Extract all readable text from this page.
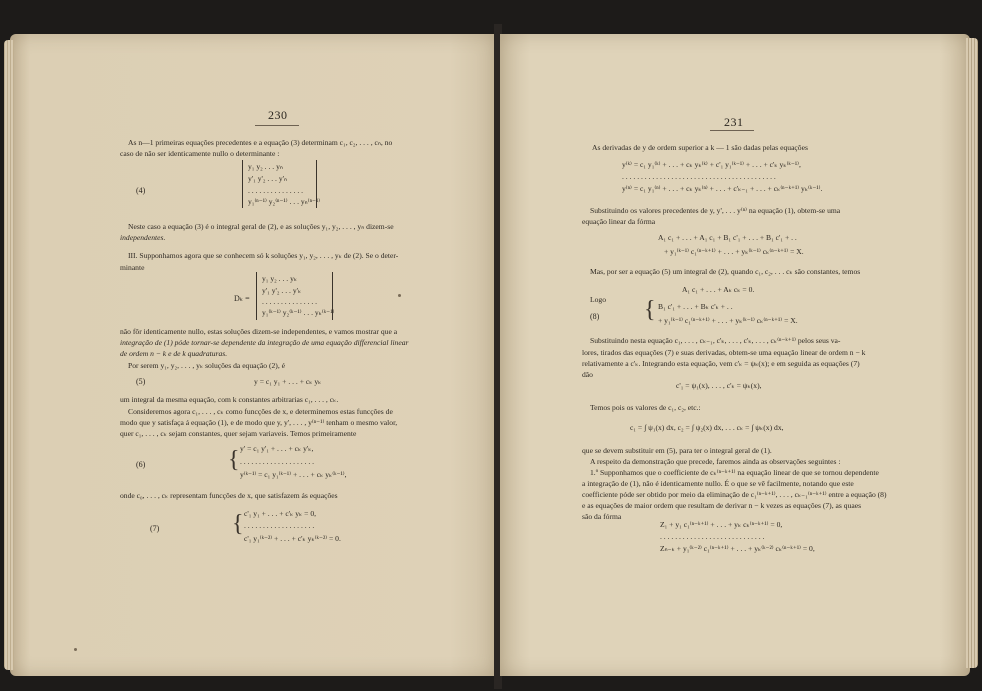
230
As n—1 primeiras equações precedentes e a equação (3) determinam c₁, c₂, . . . , cₙ, no
caso de não ser identicamente nullo o determinante :
(4)
y₁ y₂ . . . yₙ
y'₁ y'₂ . . . y'ₙ
. . . . . . . . . . . . . . .
y₁⁽ⁿ⁻¹⁾ y₂⁽ⁿ⁻¹⁾ . . . yₙ⁽ⁿ⁻¹⁾
Neste caso a equação (3) é o integral geral de (2), e as soluções y₁, y₂, . . . , yₙ dizem-se
independentes.
III. Supponhamos agora que se conhecem só k soluções y₁, y₂, . . . , yₖ de (2). Se o deter-
minante
Dₖ =
y₁ y₂ . . . yₖ
y'₁ y'₂ . . . y'ₖ
. . . . . . . . . . . . . . .
y₁⁽ᵏ⁻¹⁾ y₂⁽ᵏ⁻¹⁾ . . . yₖ⁽ᵏ⁻¹⁾
não fôr identicamente nullo, estas soluções dizem-se independentes, e vamos mostrar que a
integração de (1) póde tornar-se dependente da integração de uma equação differencial linear
de ordem n − k e de k quadraturas.
Por serem y₁, y₂, . . . , yₖ soluções da equação (2), é
(5)	y = c₁ y₁ + . . . + cₖ yₖ
um integral da mesma equação, com k constantes arbitrarias c₁, . . . , cₖ.
Consideremos agora c₁, . . . , cₖ como funcções de x, e determinemos estas funcções de
modo que y satisfaça á equação (1), e de modo que y, y', . . . , y⁽ⁿ⁻¹⁾ tenham o mesmo valor,
quer c₁, . . . , cₖ sejam constantes, quer sejam variaveis. Temos primeiramente
(6)	{ y' = c₁ y'₁ + . . . + cₖ y'ₖ,
. . . . . . . . . . . . . . . . . . . .
y⁽ᵏ⁻¹⁾ = c₁ y₁⁽ᵏ⁻¹⁾ + . . . + cₖ yₖ⁽ᵏ⁻¹⁾,
onde c₀, . . . , cₖ representam funcções de x, que satisfazem ás equações
(7)	{ c'₁ y₁ + . . . + c'ₖ yₖ = 0,
. . . . . . . . . . . . . . . . . . .
c'₁ y₁⁽ᵏ⁻²⁾ + . . . + c'ₖ yₖ⁽ᵏ⁻²⁾ = 0.
231
As derivadas de y de ordem superior a k — 1 são dadas pelas equações
y⁽ᵏ⁾ = c₁ y₁⁽ᵏ⁾ + . . . + cₖ yₖ⁽ᵏ⁾ + c'₁ y₁⁽ᵏ⁻¹⁾ + . . . + c'ₖ yₖ⁽ᵏ⁻¹⁾,
. . . . . . . . . . . . . . . . . . . . . . . . . . . . . . . . . . . . . . . . .
y⁽ⁿ⁾ = c₁ y₁⁽ⁿ⁾ + . . . + cₖ yₖ⁽ⁿ⁾ + . . . + c'ₖ₋₁ + . . . + cₖ⁽ⁿ⁻ᵏ⁺¹⁾ yₖ⁽ᵏ⁻¹⁾.
Substituindo os valores precedentes de y, y', . . . y⁽ⁿ⁾ na equação (1), obtem-se uma
equação linear da fórma
A₁ c₁ + . . . + A₁ c₁ + B₁ c'₁ + . . . + B₁ c'₁ + . .
+ y₁⁽ᵏ⁻¹⁾ c₁⁽ⁿ⁻ᵏ⁺¹⁾ + . . . + yₖ⁽ᵏ⁻¹⁾ cₖ⁽ⁿ⁻ᵏ⁺¹⁾ = X.
Mas, por ser a equação (5) um integral de (2), quando c₁, c₂, . . . cₖ são constantes, temos
A₁ c₁ + . . . + Aₖ cₖ = 0.
Logo
(8) { B₁ c'₁ + . . . + Bₖ c'ₖ + . .
+ y₁⁽ᵏ⁻¹⁾ c₁⁽ⁿ⁻ᵏ⁺¹⁾ + . . . + yₖ⁽ᵏ⁻¹⁾ cₖ⁽ⁿ⁻ᵏ⁺¹⁾ = X.
Substituindo nesta equação c₁, . . . , cₖ₋₁, c'ₖ, . . . , c'ₖ, . . . , cₖ⁽ⁿ⁻ᵏ⁺¹⁾ pelos seus va-
lores, tirados das equações (7) e suas derivadas, obtem-se uma equação linear de ordem n − k
relativamente a c'ₖ. Integrando esta equação, vem c'ₖ = ψₖ(x); e em seguida as equações (7)
dão
c'₁ = ψ₁(x), . . . , c'ₖ = ψₖ(x),
Temos pois os valores de c₁, c₂, etc.:
c₁ = ∫ ψ₁(x) dx, c₂ = ∫ ψ₂(x) dx, . . . cₖ = ∫ ψₖ(x) dx,
que se devem substituir em (5), para ter o integral geral de (1).
A respeito da demonstração que precede, faremos ainda as observações seguintes :
1.º Supponhamos que o coefficiente de cₖ⁽ⁿ⁻ᵏ⁺¹⁾ na equação linear de que se tornou dependente
a integração de (1), não é identicamente nullo. É o que se vê facilmente, notando que este
coefficiente póde ser obtido por meio da eliminação de c₁⁽ⁿ⁻ᵏ⁺¹⁾, . . . , cₖ₋₁⁽ⁿ⁻ᵏ⁺¹⁾ entre a equação (8)
e as equações de maior ordem que resultam de derivar n − k vezes as equações (7), as quaes
são da fórma
Z₁ + y₁ c₁⁽ⁿ⁻ᵏ⁺¹⁾ + . . . + yₖ cₖ⁽ⁿ⁻ᵏ⁺¹⁾ = 0,
. . . . . . . . . . . . . . . . . . . . . . . . . . . .
Zₙ₋ₖ + y₁⁽ᵏ⁻²⁾ c₁⁽ⁿ⁻ᵏ⁺¹⁾ + . . . + yₖ⁽ᵏ⁻²⁾ cₖ⁽ⁿ⁻ᵏ⁺¹⁾ = 0,
